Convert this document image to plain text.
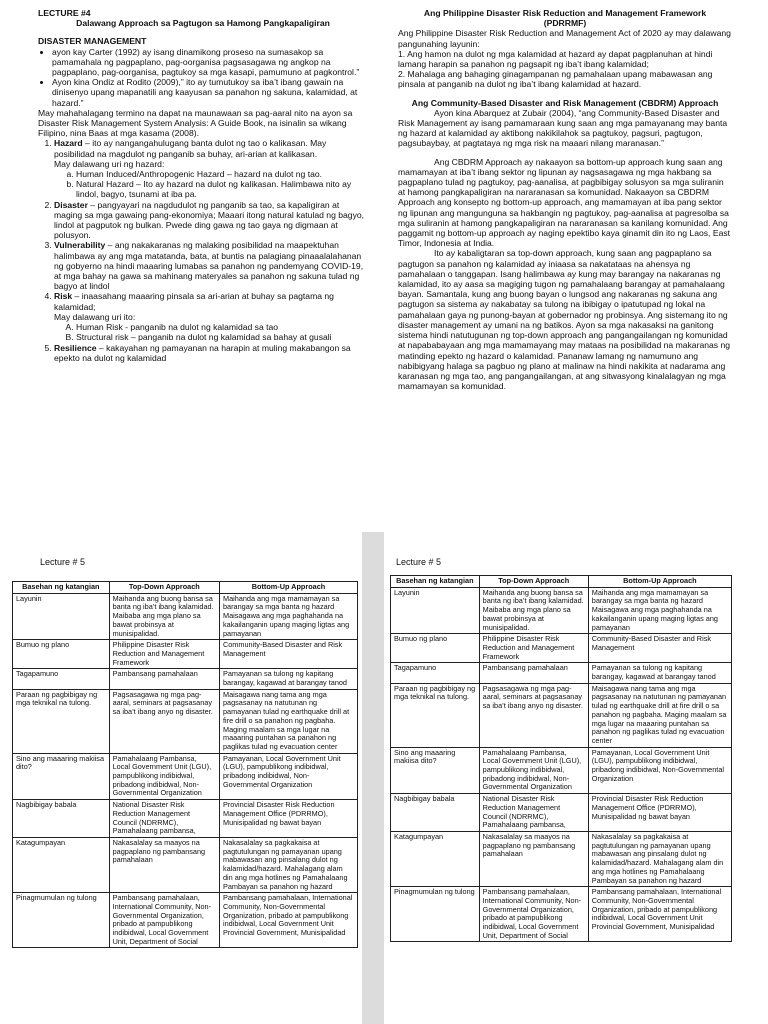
LECTURE #4
Dalawang Approach sa Pagtugon sa Hamong Pangkapaligiran
DISASTER MANAGEMENT
• ayon kay Carter (1992) ay isang dinamikong proseso na sumasakop sa pamamahala ng pagpaplano, pag-oorganisa pagsasagawa ng angkop na pagpaplano, pag-oorganisa, pagtukoy sa mga kasapi, pamumuno at pagkontrol.”
• Ayon kina Ondiz at Rodito (2009),” ito ay tumutukoy sa iba’t ibang gawain na dinisenyo upang mapanatili ang kaayusan sa panahon ng sakuna, kalamidad, at hazard.”

May mahahalagang termino na dapat na maunawaan sa pag-aaral nito na ayon sa Disaster Risk Management System Analysis: A Guide Book, na isinalin sa wikang Filipino, nina Baas at mga kasama (2008).

1. Hazard – ito ay nangangahulugang banta dulot ng tao o kalikasan. May posibilidad na magdulot ng panganib sa buhay, ari-arian at kalikasan.
May dalawang uri ng hazard:
a. Human Induced/Anthropogenic Hazard – hazard na dulot ng tao.
b. Natural Hazard – Ito ay hazard na dulot ng kalikasan. Halimbawa nito ay lindol, bagyo, tsunami at iba pa.
2. Disaster – pangyayari na nagdudulot ng panganib sa tao, sa kapaligiran at maging sa mga gawaing pang-ekonomiya; Maaari itong natural katulad ng bagyo, lindol at pagputok ng bulkan. Pwede ding gawa ng tao gaya ng digmaan at polusyon.
3. Vulnerability – ang nakakaranas ng malaking posibilidad na maapektuhan halimbawa ay ang mga matatanda, bata, at buntis na palagiang pinaaalalahanan ng gobyerno na hindi maaaring lumabas sa panahon ng pandemyang COVID-19, at mga bahay na gawa sa mahinang materyales sa panahon ng sakuna tulad ng bagyo at lindol
4. Risk – inaasahang maaaring pinsala sa ari-arian at buhay sa pagtama ng kalamidad;
May dalawang uri ito:
A. Human Risk - panganib na dulot ng kalamidad sa tao
B. Structural risk – panganib na dulot ng kalamidad sa bahay at gusali
5. Resilience – kakayahan ng pamayanan na harapin at muling makabangon sa epekto na dulot ng kalamidad
Ang Philippine Disaster Risk Reduction and Management Framework
(PDRRMF)

Ang Philippine Disaster Risk Reduction and Management Act of 2020 ay may dalawang pangunahing layunin:

1. Ang hamon na dulot ng mga kalamidad at hazard ay dapat pagplanuhan at hindi lamang harapin sa panahon ng pagsapit ng iba’t ibang kalamidad;

2. Mahalaga ang bahaging ginagampanan ng pamahalaan upang mabawasan ang pinsala at panganib na dulot ng iba’t ibang kalamidad at hazard.

Ang Community-Based Disaster and Risk Management (CBDRM) Approach

Ayon kina Abarquez at Zubair (2004), “ang Community-Based Disaster and Risk Management ay isang pamamaraan kung saan ang mga pamayanang may banta ng hazard at kalamidad ay aktibong nakikilahok sa pagtukoy, pagsuri, pagtugon, pagsubaybay, at pagtataya ng mga risk na maaari nilang maranasan.”

Ang CBDRM Approach ay nakaayon sa bottom-up approach kung saan ang mamamayan at iba’t ibang sektor ng lipunan ay nagsasagawa ng mga hakbang sa pagpaplano tulad ng pagtukoy, pag-aanalisa, at pagbibigay solusyon sa mga suliranin at hamong pangkapaligiran na nararanasan sa komunidad. Nakaayon sa CBDRM Approach ang konsepto ng bottom-up approach, ang mamamayan at iba pang sektor ng lipunan ang mangunguna sa hakbangin ng pagtukoy, pag-aanalisa at pagresolba sa mga suliranin at hamong pangkapaligiran na nararanasan sa kanilang komunidad. Ang paggamit ng bottom-up approach ay naging epektibo kaya ginamit din ito ng Laos, East Timor, Indonesia at India.

Ito ay kabaligtaran sa top-down approach, kung saan ang pagpaplano sa pagtugon sa panahon ng kalamidad ay iniaasa sa nakatataas na ahensya ng pamahalaan o tanggapan. Isang halimbawa ay kung may barangay na nakaranas ng kalamidad, ito ay aasa sa magiging tugon ng pamahalaang barangay at pamahalaang bayan. Samantala, kung ang buong bayan o lungsod ang nakaranas ng sakuna ang pagtugon sa sistema ay nakabatay sa tulong na ibibigay o ipatutupad ng lokal na pamahalaan gaya ng punong-bayan at gobernador ng probinsya. Ang sistemang ito ng disaster management ay umani na ng batikos. Ayon sa mga nakasaksi na ganitong sistema hindi natutugunan ng top-down approach ang pangangailangan ng komunidad at napababayaan ang mga mamamayang may mataas na posibilidad na makaranas ng matinding epekto ng hazard o kalamidad. Pananaw lamang ng namumuno ang nabibigyang halaga sa pagbuo ng plano at malinaw na hindi nakikita at nadarama ang karanasan ng mga tao, ang pangangailangan, at ang sitwasyong kinalalagyan ng mga mamamayan sa komunidad.

Lecture # 5
Basehan ng katangian	Top-Down Approach	Bottom-Up Approach
Layunin	Maihanda ang buong bansa sa banta ng iba’t ibang kalamidad. Maibaba ang mga plano sa bawat probinsya at munisipalidad.	Maihanda ang mga mamamayan sa barangay sa mga banta ng hazard Maisagawa ang mga paghahanda na kakailanganin upang maging ligtas ang pamayanan
Bumuo ng plano	Philippine Disaster Risk Reduction and Management Framework	Community-Based Disaster and Risk Management
Tagapamuno	Pambansang pamahalaan	Pamayanan sa tulong ng kapitang barangay, kagawad at barangay tanod
Paraan ng pagbibigay ng mga teknikal na tulong.	Pagsasagawa ng mga pag-aaral, seminars at pagsasanay sa iba’t ibang anyo ng disaster.	Maisagawa nang tama ang mga pagsasanay na natutunan ng pamayanan tulad ng earthquake drill at fire drill o sa panahon ng pagbaha. Maging maalam sa mga lugar na maaaring puntahan sa panahon ng paglikas tulad ng evacuation center
Sino ang maaaring makiisa dito?	Pamahalaang Pambansa, Local Government Unit (LGU), pampublikong indibidwal, pribadong indibidwal, Non-Governmental Organization	Pamayanan, Local Government Unit (LGU), pampublikong indibidwal, pribadong indibidwal, Non-Governmental Organization
Nagbibigay babala	National Disaster Risk Reduction Management Council (NDRRMC), Pamahalaang pambansa,	Provincial Disaster Risk Reduction Management Office (PDRRMO), Munisipalidad ng bawat bayan
Katagumpayan	Nakasalalay sa maayos na pagpaplano ng pambansang pamahalaan	Nakasalalay sa pagkakaisa at pagtutulungan ng pamayanan upang mabawasan ang pinsalang dulot ng kalamidad/hazard. Mahalagang alam din ang mga hotlines ng Pamahalaang Pambayan sa panahon ng hazard
Pinagmumulan ng tulong	Pambansang pamahalaan, International Community, Non-Governmental Organization, pribado at pampublikong indibidwal, Local Government Unit, Department of Social	Pambansang pamahalaan, International Community, Non-Governmental Organization, pribado at pampublikong indibidwal, Local Government Unit Provincial Government, Munisipalidad
Lecture # 5
Basehan ng katangian	Top-Down Approach	Bottom-Up Approach
Layunin	Maihanda ang buong bansa sa banta ng iba’t ibang kalamidad. Maibaba ang mga plano sa bawat probinsya at munisipalidad.	Maihanda ang mga mamamayan sa barangay sa mga banta ng hazard Maisagawa ang mga paghahanda na kakailanganin upang maging ligtas ang pamayanan
Bumuo ng plano	Philippine Disaster Risk Reduction and Management Framework	Community-Based Disaster and Risk Management
Tagapamuno	Pambansang pamahalaan	Pamayanan sa tulong ng kapitang barangay, kagawad at barangay tanod
Paraan ng pagbibigay ng mga teknikal na tulong.	Pagsasagawa ng mga pag-aaral, seminars at pagsasanay sa iba’t ibang anyo ng disaster.	Maisagawa nang tama ang mga pagsasanay na natutunan ng pamayanan tulad ng earthquake drill at fire drill o sa panahon ng pagbaha. Maging maalam sa mga lugar na maaaring puntahan sa panahon ng paglikas tulad ng evacuation center
Sino ang maaaring makiisa dito?	Pamahalaang Pambansa, Local Government Unit (LGU), pampublikong indibidwal, pribadong indibidwal, Non-Governmental Organization	Pamayanan, Local Government Unit (LGU), pampublikong indibidwal, pribadong indibidwal, Non-Governmental Organization
Nagbibigay babala	National Disaster Risk Reduction Management Council (NDRRMC), Pamahalaang pambansa,	Provincial Disaster Risk Reduction Management Office (PDRRMO), Munisipalidad ng bawat bayan
Katagumpayan	Nakasalalay sa maayos na pagpaplano ng pambansang pamahalaan	Nakasalalay sa pagkakaisa at pagtutulungan ng pamayanan upang mabawasan ang pinsalang dulot ng kalamidad/hazard. Mahalagang alam din ang mga hotlines ng Pamahalaang Pambayan sa panahon ng hazard
Pinagmumulan ng tulong	Pambansang pamahalaan, International Community, Non-Governmental Organization, pribado at pampublikong indibidwal, Local Government Unit, Department of Social	Pambansang pamahalaan, International Community, Non-Governmental Organization, pribado at pampublikong indibidwal, Local Government Unit Provincial Government, Munisipalidad
